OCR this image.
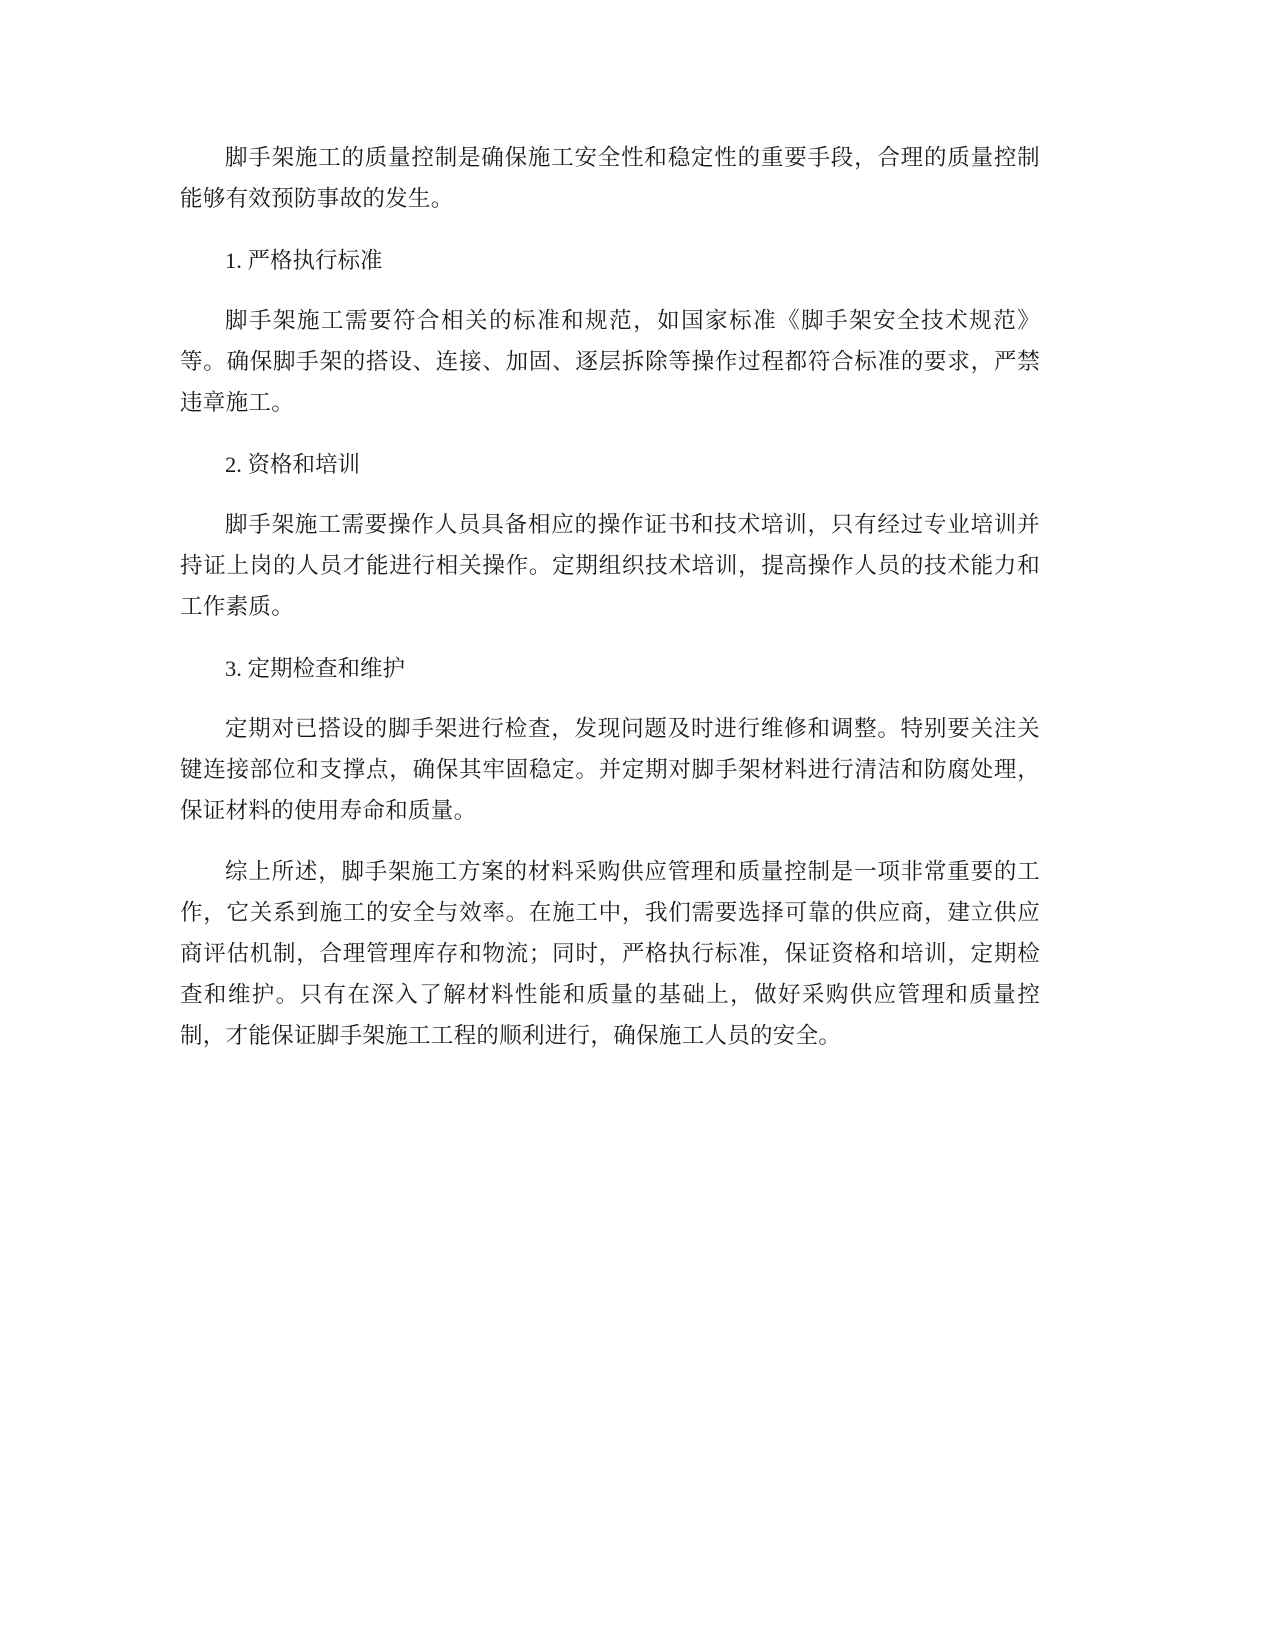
脚手架施工的质量控制是确保施工安全性和稳定性的重要手段，合理的质量控制能够有效预防事故的发生。

1. 严格执行标准

脚手架施工需要符合相关的标准和规范，如国家标准《脚手架安全技术规范》等。确保脚手架的搭设、连接、加固、逐层拆除等操作过程都符合标准的要求，严禁违章施工。

2. 资格和培训

脚手架施工需要操作人员具备相应的操作证书和技术培训，只有经过专业培训并持证上岗的人员才能进行相关操作。定期组织技术培训，提高操作人员的技术能力和工作素质。

3. 定期检查和维护

定期对已搭设的脚手架进行检查，发现问题及时进行维修和调整。特别要关注关键连接部位和支撑点，确保其牢固稳定。并定期对脚手架材料进行清洁和防腐处理，保证材料的使用寿命和质量。

综上所述，脚手架施工方案的材料采购供应管理和质量控制是一项非常重要的工作，它关系到施工的安全与效率。在施工中，我们需要选择可靠的供应商，建立供应商评估机制，合理管理库存和物流；同时，严格执行标准，保证资格和培训，定期检查和维护。只有在深入了解材料性能和质量的基础上，做好采购供应管理和质量控制，才能保证脚手架施工工程的顺利进行，确保施工人员的安全。
